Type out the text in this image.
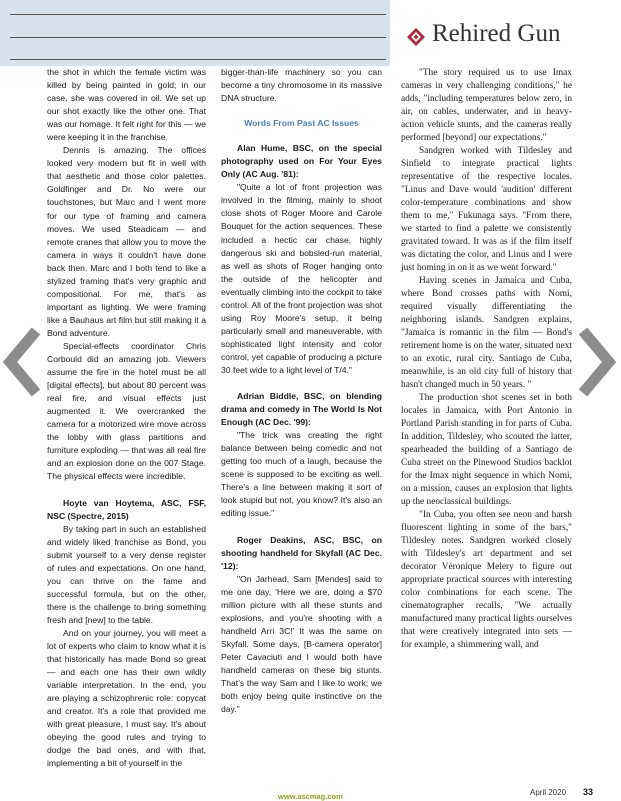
Rehired Gun

the shot in which the female victim was killed by being painted in gold; in our case, she was covered in oil. We set up our shot exactly like the other one. That was our homage. It felt right for this — we were keeping it in the franchise.

Dennis is amazing. The offices looked very modern but fit in well with that aesthetic and those color palettes. Goldfinger and Dr. No were our touchstones, but Marc and I went more for our type of framing and camera moves. We used Steadicam — and remote cranes that allow you to move the camera in ways it couldn't have done back then. Marc and I both tend to like a stylized framing that's very graphic and compositional. For me, that's as important as lighting. We were framing like a Bauhaus art film but still making it a Bond adventure.

Special-effects coordinator Chris Corbould did an amazing job. Viewers assume the fire in the hotel must be all [digital effects], but about 80 percent was real fire, and visual effects just augmented it. We overcranked the camera for a motorized wire move across the lobby with glass partitions and furniture exploding — that was all real fire and an explosion done on the 007 Stage. The physical effects were incredible.

Hoyte van Hoytema, ASC, FSF, NSC (Spectre, 2015)

By taking part in such an established and widely liked franchise as Bond, you submit yourself to a very dense register of rules and expectations. On one hand, you can thrive on the fame and successful formula, but on the other, there is the challenge to bring something fresh and [new] to the table.

And on your journey, you will meet a lot of experts who claim to know what it is that historically has made Bond so great — and each one has their own wildly variable interpretation. In the end, you are playing a schizophrenic role: copycat and creator. It's a role that provided me with great pleasure, I must say. It's about obeying the good rules and trying to dodge the bad ones, and with that, implementing a bit of yourself in the

bigger-than-life machinery so you can become a tiny chromosome in its massive DNA structure.

Words From Past AC Issues

Alan Hume, BSC, on the special photography used on For Your Eyes Only (AC Aug. '81):

"Quite a lot of front projection was involved in the filming, mainly to shoot close shots of Roger Moore and Carole Bouquet for the action sequences. These included a hectic car chase, highly dangerous ski and bobsled-run material, as well as shots of Roger hanging onto the outside of the helicopter and eventually climbing into the cockpit to take control. All of the front projection was shot using Roy Moore's setup, it being particularly small and maneuverable, with sophisticated light intensity and color control, yet capable of producing a picture 30 feet wide to a light level of T/4."

Adrian Biddle, BSC, on blending drama and comedy in The World Is Not Enough (AC Dec. '99):

"The trick was creating the right balance between being comedic and not getting too much of a laugh, because the scene is supposed to be exciting as well. There's a line between making it sort of look stupid but not, you know? It's also an editing issue."

Roger Deakins, ASC, BSC, on shooting handheld for Skyfall (AC Dec. '12):

"On Jarhead, Sam [Mendes] said to me one day, 'Here we are, doing a $70 million picture with all these stunts and explosions, and you're shooting with a handheld Arri 3C!' It was the same on Skyfall. Some days, [B-camera operator] Peter Cavaciuti and I would both have handheld cameras on these big stunts. That's the way Sam and I like to work; we both enjoy being quite instinctive on the day."

"The story required us to use Imax cameras in very challenging conditions," he adds, "including temperatures below zero, in air, on cables, underwater, and in heavy-action vehicle stunts, and the cameras really performed [beyond] our expectations."

Sandgren worked with Tildesley and Sinfield to integrate practical lights representative of the respective locales. "Linus and Dave would 'audition' different color-temperature combinations and show them to me," Fukunaga says. "From there, we started to find a palette we consistently gravitated toward. It was as if the film itself was dictating the color, and Linus and I were just homing in on it as we went forward."

Having scenes in Jamaica and Cuba, where Bond crosses paths with Nomi, required visually differentiating the neighboring islands. Sandgren explains, "Jamaica is romantic in the film — Bond's retirement home is on the water, situated next to an exotic, rural city. Santiago de Cuba, meanwhile, is an old city full of history that hasn't changed much in 50 years. "

The production shot scenes set in both locales in Jamaica, with Port Antonio in Portland Parish standing in for parts of Cuba. In addition, Tildesley, who scouted the latter, spearheaded the building of a Santiago de Cuba street on the Pinewood Studios backlot for the Imax night sequence in which Nomi, on a mission, causes an explosion that lights up the neoclassical buildings.

"In Cuba, you often see neon and harsh fluorescent lighting in some of the bars," Tildesley notes. Sandgren worked closely with Tildesley's art department and set decorator Véronique Melery to figure out appropriate practical sources with interesting color combinations for each scene. The cinematographer recalls, "We actually manufactured many practical lights ourselves that were creatively integrated into sets — for example, a shimmering wall, and

www.ascmag.com	April 2020 33
